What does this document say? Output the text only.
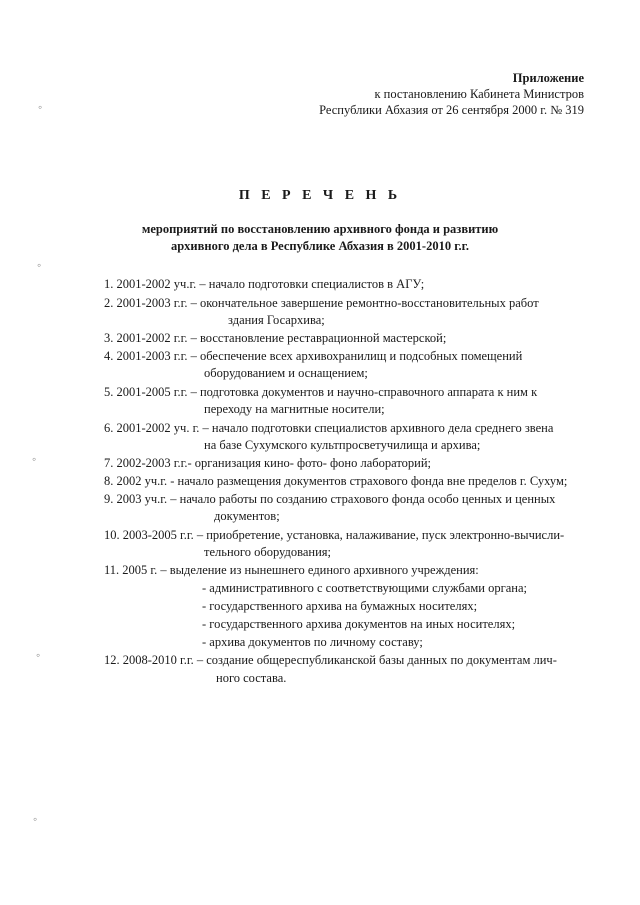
Приложение
к постановлению Кабинета Министров
Республики Абхазия от 26 сентября 2000 г. № 319
П Е Р Е Ч Е Н Ь
мероприятий по восстановлению архивного фонда и развитию
архивного дела в Республике Абхазия в 2001-2010 г.г.
1. 2001-2002 уч.г. – начало подготовки специалистов в АГУ;
2. 2001-2003 г.г. – окончательное завершение ремонтно-восстановительных работ
здания Госархива;
3. 2001-2002 г.г. – восстановление реставрационной мастерской;
4. 2001-2003 г.г. – обеспечение всех архивохранилищ и подсобных помещений
оборудованием и оснащением;
5. 2001-2005 г.г. – подготовка документов и научно-справочного аппарата к ним к
переходу на магнитные носители;
6. 2001-2002 уч. г. – начало подготовки специалистов архивного дела среднего звена
на базе Сухумского культпросветучилища и архива;
7. 2002-2003 г.г.- организация кино- фото- фоно лабораторий;
8. 2002 уч.г. - начало размещения документов страхового фонда вне пределов г. Сухум;
9. 2003 уч.г. – начало работы по созданию страхового фонда особо ценных и ценных
документов;
10. 2003-2005 г.г. – приобретение, установка, налаживание, пуск электронно-вычисли-
тельного оборудования;
11. 2005 г. – выделение из нынешнего единого архивного учреждения:
- административного с соответствующими службами органа;
- государственного архива на бумажных носителях;
- государственного архива документов на иных носителях;
- архива документов по личному составу;
12. 2008-2010 г.г. – создание общереспубликанской базы данных по документам лич-
ного состава.
◦
◦
◦
◦
◦
